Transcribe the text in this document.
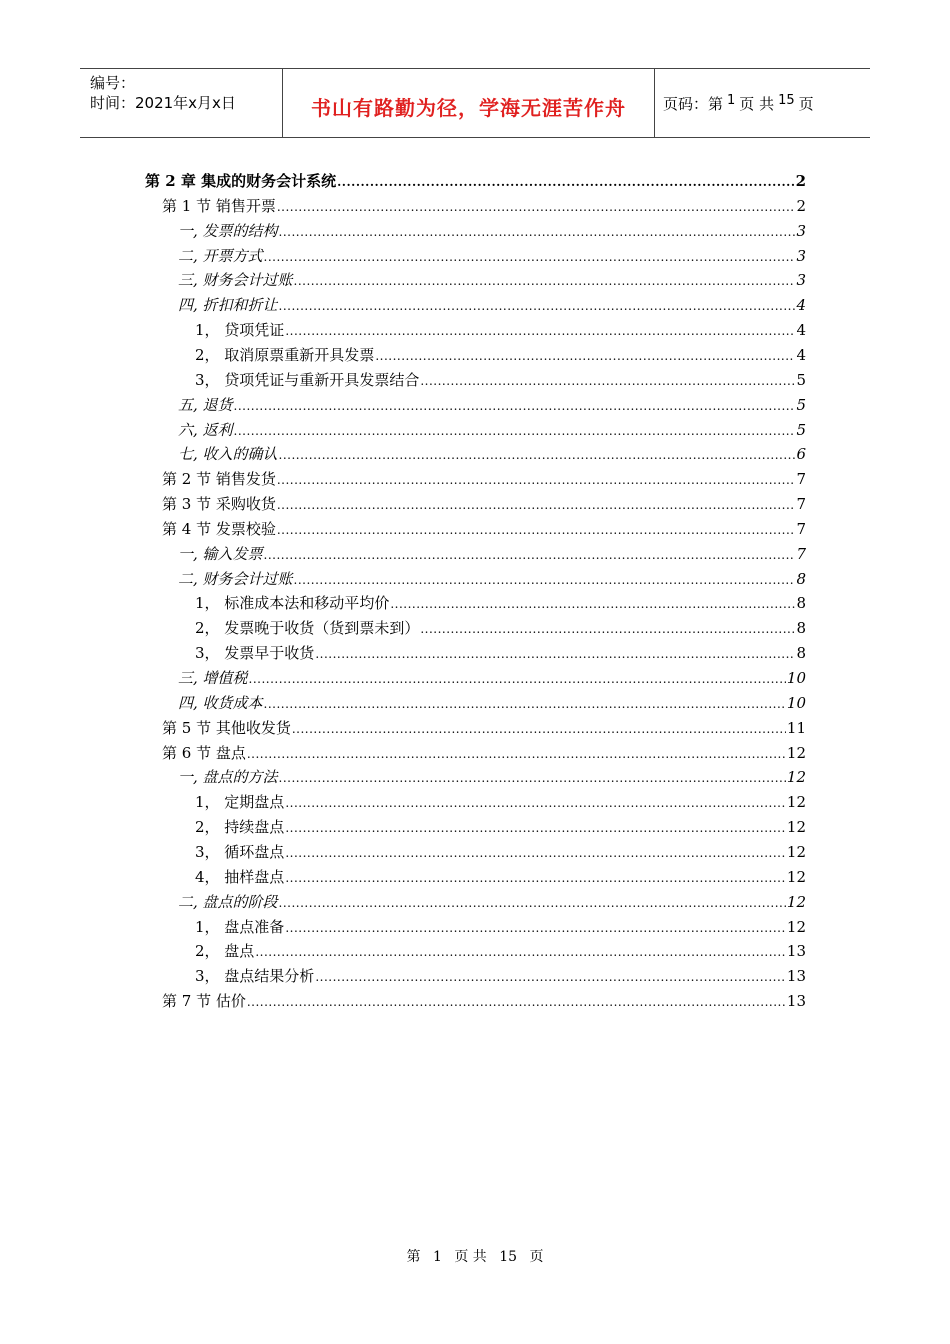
编号：
时间：2021年x月x日	书山有路勤为径，学海无涯苦作舟 页码：第 1 页 共 15 页
第 2 章 集成的财务会计系统 .....	2
第 1 节 销售开票 .....	2
一, 发票的结构 .....	3
二, 开票方式 .....	3
三, 财务会计过账 .....	3
四, 折扣和折让 .....	4
1， 贷项凭证 .....	4
2， 取消原票重新开具发票 .....	4
3， 贷项凭证与重新开具发票结合 .....	5
五, 退货 .....	5
六, 返利 .....	5
七, 收入的确认 .....	6
第 2 节 销售发货 .....	7
第 3 节 采购收货 .....	7
第 4 节 发票校验 .....	7
一, 输入发票 .....	7
二, 财务会计过账 .....	8
1， 标准成本法和移动平均价 .....	8
2， 发票晚于收货（货到票未到） .....	8
3， 发票早于收货 .....	8
三, 增值税 .....	10
四, 收货成本 .....	10
第 5 节 其他收发货 .....	11
第 6 节 盘点 .....	12
一, 盘点的方法 .....	12
1， 定期盘点 .....	12
2， 持续盘点 .....	12
3， 循环盘点 .....	12
4， 抽样盘点 .....	12
二, 盘点的阶段 .....	12
1， 盘点准备 .....	12
2， 盘点 .....	13
3， 盘点结果分析 .....	13
第 7 节 估价 .....	13
第 1 页 共 15 页
